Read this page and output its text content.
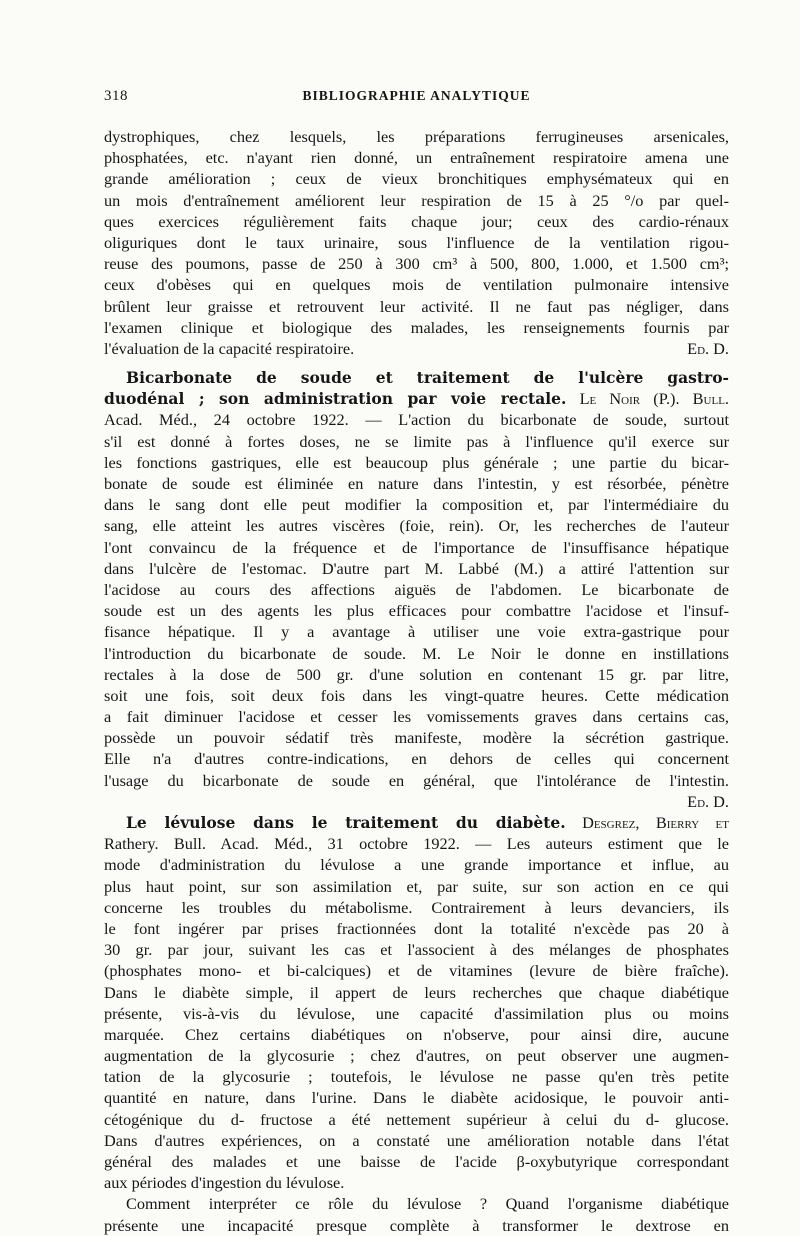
318	BIBLIOGRAPHIE ANALYTIQUE
dystrophiques, chez lesquels, les préparations ferrugineuses arsenicales,
phosphatées, etc. n'ayant rien donné, un entraînement respiratoire amena une
grande amélioration ; ceux de vieux bronchitiques emphysémateux qui en
un mois d'entraînement améliorent leur respiration de 15 à 25 °/o par quel-
ques exercices régulièrement faits chaque jour; ceux des cardio-rénaux
oliguriques dont le taux urinaire, sous l'influence de la ventilation rigou-
reuse des poumons, passe de 250 à 300 cm³ à 500, 800, 1.000, et 1.500 cm³;
ceux d'obèses qui en quelques mois de ventilation pulmonaire intensive
brûlent leur graisse et retrouvent leur activité. Il ne faut pas négliger, dans
l'examen clinique et biologique des malades, les renseignements fournis par
l'évaluation de la capacité respiratoire.	Ed. D.
Bicarbonate de soude et traitement de l'ulcère gastro-
duodénal ; son administration par voie rectale. Le Noir (P.). Bull.
Acad. Méd., 24 octobre 1922. — L'action du bicarbonate de soude, surtout
s'il est donné à fortes doses, ne se limite pas à l'influence qu'il exerce sur
les fonctions gastriques, elle est beaucoup plus générale ; une partie du bicar-
bonate de soude est éliminée en nature dans l'intestin, y est résorbée, pénètre
dans le sang dont elle peut modifier la composition et, par l'intermédiaire du
sang, elle atteint les autres viscères (foie, rein). Or, les recherches de l'auteur
l'ont convaincu de la fréquence et de l'importance de l'insuffisance hépatique
dans l'ulcère de l'estomac. D'autre part M. Labbé (M.) a attiré l'attention sur
l'acidose au cours des affections aiguës de l'abdomen. Le bicarbonate de
soude est un des agents les plus efficaces pour combattre l'acidose et l'insuf-
fisance hépatique. Il y a avantage à utiliser une voie extra-gastrique pour
l'introduction du bicarbonate de soude. M. Le Noir le donne en instillations
rectales à la dose de 500 gr. d'une solution en contenant 15 gr. par litre,
soit une fois, soit deux fois dans les vingt-quatre heures. Cette médication
a fait diminuer l'acidose et cesser les vomissements graves dans certains cas,
possède un pouvoir sédatif très manifeste, modère la sécrétion gastrique.
Elle n'a d'autres contre-indications, en dehors de celles qui concernent
l'usage du bicarbonate de soude en général, que l'intolérance de l'intestin.
Ed. D.
Le lévulose dans le traitement du diabète. Desgrez, Bierry et
Rathery. Bull. Acad. Méd., 31 octobre 1922. — Les auteurs estiment que le
mode d'administration du lévulose a une grande importance et influe, au
plus haut point, sur son assimilation et, par suite, sur son action en ce qui
concerne les troubles du métabolisme. Contrairement à leurs devanciers, ils
le font ingérer par prises fractionnées dont la totalité n'excède pas 20 à
30 gr. par jour, suivant les cas et l'associent à des mélanges de phosphates
(phosphates mono- et bi-calciques) et de vitamines (levure de bière fraîche).
Dans le diabète simple, il appert de leurs recherches que chaque diabétique
présente, vis-à-vis du lévulose, une capacité d'assimilation plus ou moins
marquée. Chez certains diabétiques on n'observe, pour ainsi dire, aucune
augmentation de la glycosurie ; chez d'autres, on peut observer une augmen-
tation de la glycosurie ; toutefois, le lévulose ne passe qu'en très petite
quantité en nature, dans l'urine. Dans le diabète acidosique, le pouvoir anti-
cétogénique du d- fructose a été nettement supérieur à celui du d- glucose.
Dans d'autres expériences, on a constaté une amélioration notable dans l'état
général des malades et une baisse de l'acide β-oxybutyrique correspondant
aux périodes d'ingestion du lévulose.
Comment interpréter ce rôle du lévulose ? Quand l'organisme diabétique
présente une incapacité presque complète à transformer le dextrose en
